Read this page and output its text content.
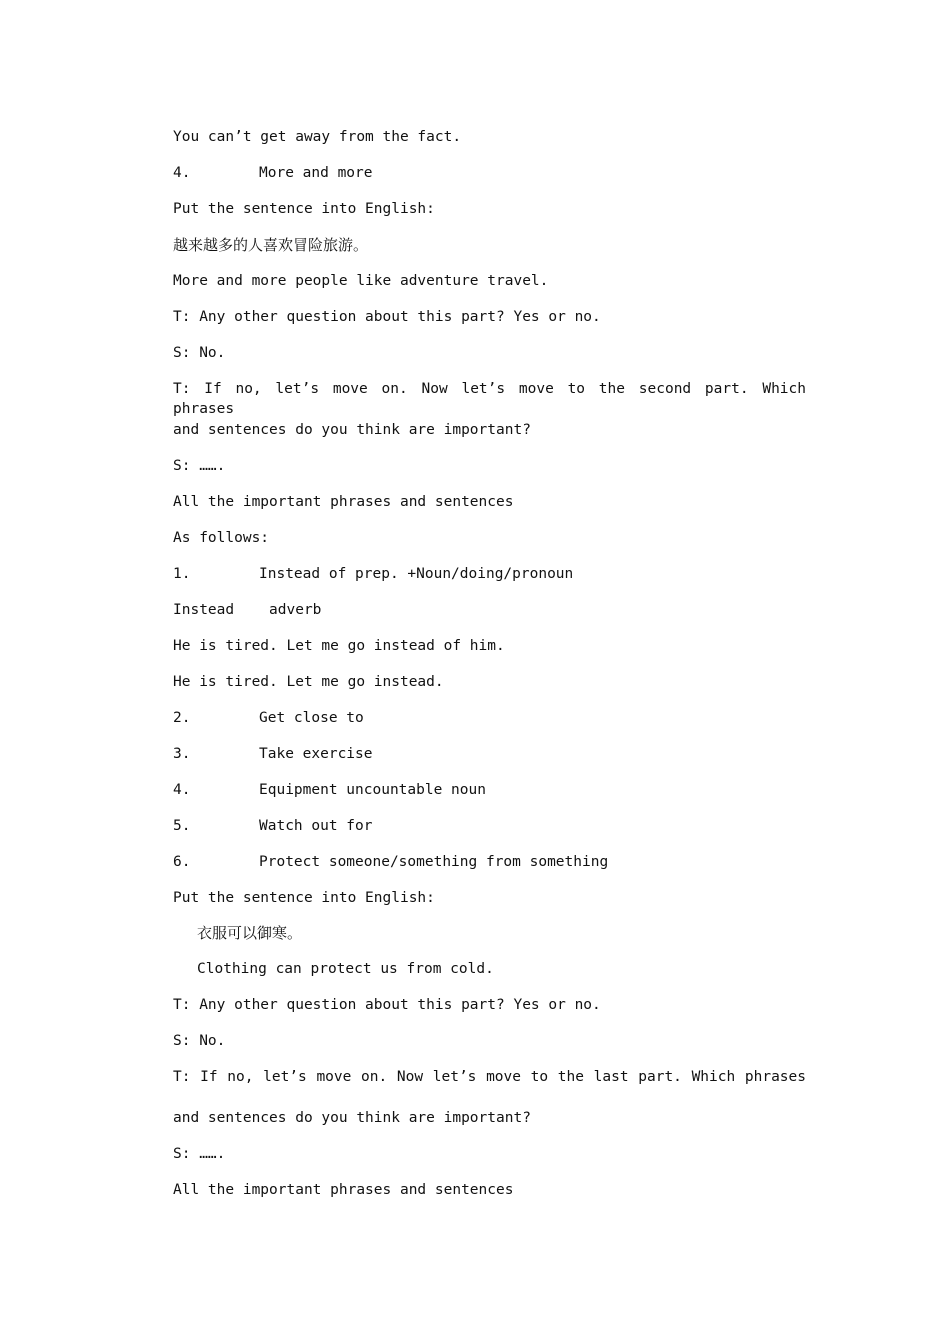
You can’t get away from the fact.
4.	More and more
Put the sentence into English:
越来越多的人喜欢冒险旅游。
More and more people like adventure travel.
T: Any other question about this part? Yes or no.
S: No.
T: If no, let’s move on. Now let’s move to the second part. Which phrases
and sentences do you think are important?
S: …….
All the important phrases and sentences
As follows:
1.	Instead of prep. +Noun/doing/pronoun
Instead    adverb
He is tired. Let me go instead of him.
He is tired. Let me go instead.
2.	Get close to
3.	Take exercise
4.	Equipment uncountable noun
5.	Watch out for
6.	Protect someone/something from something
Put the sentence into English:
衣服可以御寒。
Clothing can protect us from cold.
T: Any other question about this part? Yes or no.
S: No.
T: If no, let’s move on. Now let’s move to the last part. Which phrases
and sentences do you think are important?
S: …….
All the important phrases and sentences
